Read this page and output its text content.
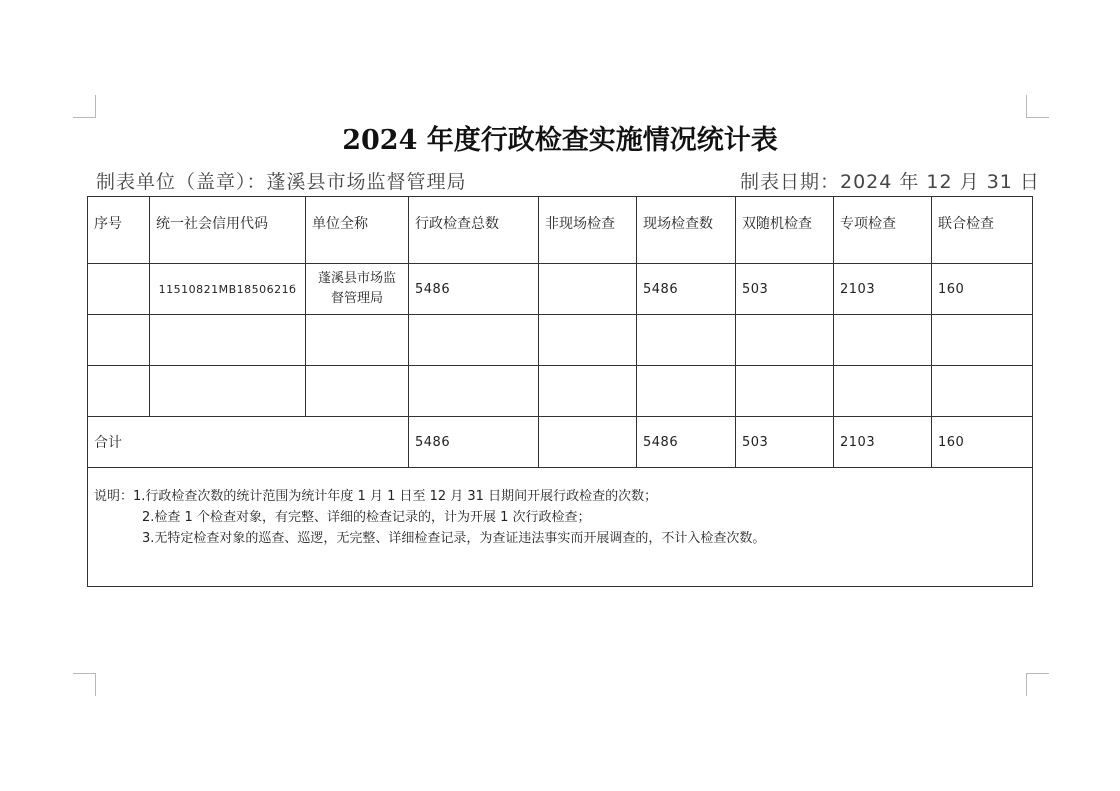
2024 年度行政检查实施情况统计表
制表单位（盖章）：蓬溪县市场监督管理局	制表日期：2024 年 12 月 31 日
序号	统一社会信用代码	单位全称	行政检查总数	非现场检查	现场检查数	双随机检查	专项检查	联合检查
	11510821MB1850621б	蓬溪县市场监督管理局	5486		5486	503	2103	160

合计			5486		5486	503	2103	160

说明：1.行政检查次数的统计范围为统计年度 1 月 1 日至 12 月 31 日期间开展行政检查的次数；
2.检查 1 个检查对象，有完整、详细的检查记录的，计为开展 1 次行政检查；
3.无特定检查对象的巡查、巡逻，无完整、详细检查记录，为查证违法事实而开展调查的，不计入检查次数。								
